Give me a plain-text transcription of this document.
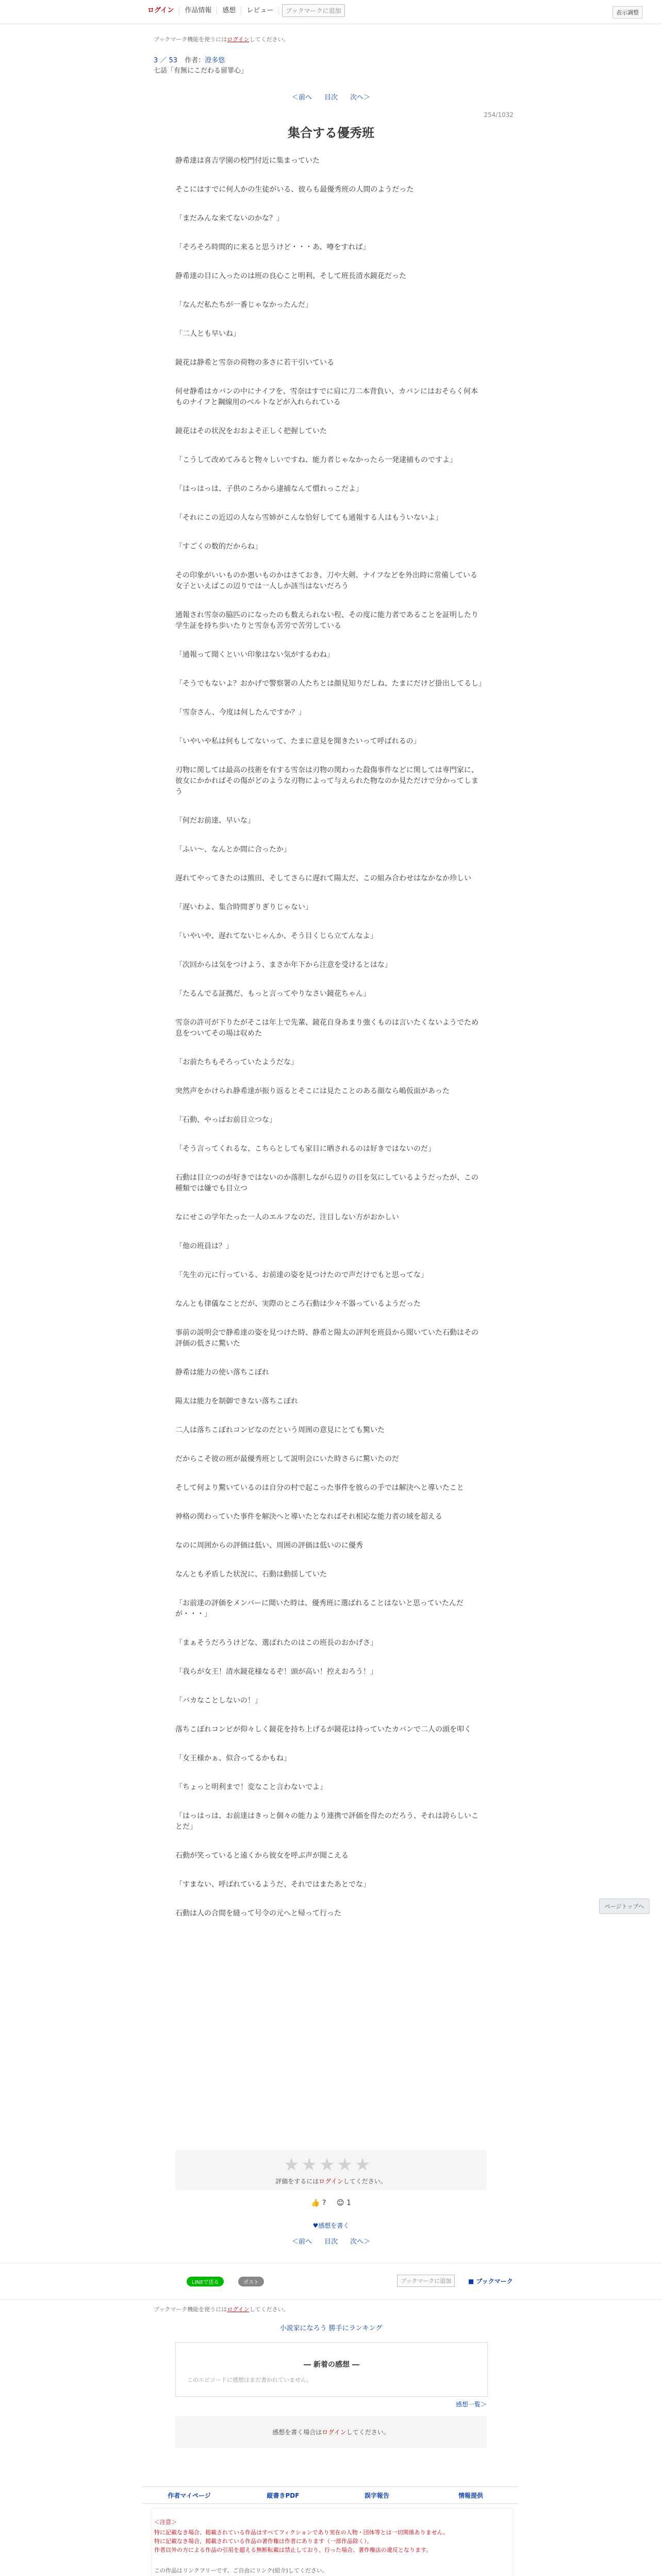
ログイン	作品情報	感想	レビュー	ブックマークに追加	表示調整
ブックマーク機能を使うにはログインしてください。
3 ／ 53 作者：澄多悠
七話「有無にこだわる留罪心」
＜前へ 目次 次へ＞
254/1032
集合する優秀班

静希達は喜吉学園の校門付近に集まっていた

そこにはすでに何人かの生徒がいる、彼らも最優秀班の人間のようだった

「まだみんな来てないのかな？」

「そろそろ時間的に来ると思うけど・・・あ、噂をすれば」

静希達の目に入ったのは班の良心こと明利、そして班長清水鏡花だった

「なんだ私たちが一番じゃなかったんだ」

「二人とも早いね」

鏡花は静希と雪奈の荷物の多さに若干引いている

何せ静希はカバンの中にナイフを、雪奈はすでに肩に刀二本背負い、カバンにはおそらく何本ものナイフと鋼線用のベルトなどが入れられている

鏡花はその状況をおおよそ正しく把握していた

「こうして改めてみると物々しいですね、能力者じゃなかったら一発逮捕ものですよ」

「はっはっは、子供のころから逮捕なんて慣れっこだよ」

「それにこの近辺の人なら雪姉がこんな恰好してても通報する人はもういないよ」

「すごくの数的だからね」

その印象がいいものか悪いものかはさておき、刀や大剣、ナイフなどを外出時に常備している女子といえばこの辺りでは一人しか該当はないだろう

通報され雪奈の脇匹のになったのも数えられない程、その度に能力者であることを証明したり学生証を持ち歩いたりと雪奈も苦労で苦労している

「通報って聞くといい印象はない気がするわね」

「そうでもないよ？おかげで警察署の人たちとは顔見知りだしね、たまにだけど掛出してるし」

「雪奈さん、今度は何したんですか？」

「いやいや私は何もしてないって、たまに意見を聞きたいって呼ばれるの」

刃物に関しては最高の技術を有する雪奈は刃物の関わった殺傷事件などに関しては専門家に、彼女にかかればその傷がどのような刃物によって与えられた物なのか見ただけで分かってしまう

「何だお前達、早いな」

「ふい〜、なんとか間に合ったか」

遅れてやってきたのは熊田、そしてさらに遅れて陽太だ、この組み合わせはなかなか珍しい

「遅いわよ、集合時間ぎりぎりじゃない」

「いやいや、遅れてないじゃんか、そう目くじら立てんなよ」

「次回からは気をつけよう、まさか年下から注意を受けるとはな」

「たるんでる証拠だ、もっと言ってやりなさい鏡花ちゃん」

雪奈の許可が下りたがそこは年上で先輩、鏡花自身あまり強くものは言いたくないようでため息をついてその場は収めた

「お前たちもそろっていたようだな」

突然声をかけられ静希達が振り返るとそこには見たことのある顔なら嶋仮面があった

「石動、やっぱお前目立つな」

「そう言ってくれるな、こちらとしても家目に晒されるのは好きではないのだ」

石動は目立つのが好きではないのか落胆しながら辺りの目を気にしているようだったが、この種類では嫌でも目立つ

なにせこの学年たった一人のエルフなのだ、注目しない方がおかしい

「他の班員は？」

「先生の元に行っている、お前達の姿を見つけたので声だけでもと思ってな」

なんとも律儀なことだが、実際のところ石動は少々不器っているようだった

事前の説明会で静希達の姿を見つけた時、静希と陽太の評判を班員から聞いていた石動はその評価の低さに驚いた

静希は能力の使い落ちこぼれ

陽太は能力を制御できない落ちこぼれ

二人は落ちこぼれコンビなのだという周囲の意見にとても驚いた

だからこそ彼の班が最優秀班として説明会にいた時さらに驚いたのだ

そして何より驚いているのは自分の村で起こった事件を彼らの手では解決へと導いたこと

神格の関わっていた事件を解決へと導いたとなればそれ相応な能力者の域を超える

なのに周囲からの評価は低い、周囲の評価は低いのに優秀

なんとも矛盾した状況に、石動は動揺していた

「お前達の評価をメンバーに聞いた時は、優秀班に選ばれることはないと思っていたんだが・・・」

「まぁそうだろうけどな、選ばれたのはこの班長のおかげさ」

「我らが女王！清水鏡花様なるぞ！頭が高い！控えおろう！」

「バカなことしないの！」

落ちこぼれコンビが仰々しく鏡花を持ち上げるが鏡花は持っていたカバンで二人の頭を叩く

「女王様かぁ、似合ってるかもね」

「ちょっと明利まで！変なこと言わないでよ」

「はっはっは、お前達はきっと個々の能力より連携で評価を得たのだろう、それは誇らしいことだ」

石動が笑っていると遠くから彼女を呼ぶ声が聞こえる

「すまない、呼ばれているようだ、それではまたあとでな」

石動は人の合間を縫って号令の元へと帰って行った

★★★★★
評価をするにはログインしてください。
👍 ? 😊 1
♥感想を書く
＜前へ 目次 次へ＞
LINEで送る	ポスト	ブックマークに追加	■ ブックマーク
ブックマーク機能を使うにはログインしてください。
小説家になろう 勝手にランキング
― 新着の感想 ―
このエピソードに感想はまだ書かれていません。
感想一覧＞
感想を書く場合はログインしてください。
作者マイページ	縦書きPDF	誤字報告	情報提供
＜注意＞
特に記載なき場合、掲載されている作品はすべてフィクションであり実在の人物・団体等とは一切関係ありません。
特に記載なき場合、掲載されている作品の著作権は作者にあります（一部作品除く）。
作者以外の方による作品の引用を超える無断転載は禁止しており、行った場合、著作権法の違反となります。
この作品はリンクフリーです。ご自由にリンク(紹介)してください。
ページトップへ
